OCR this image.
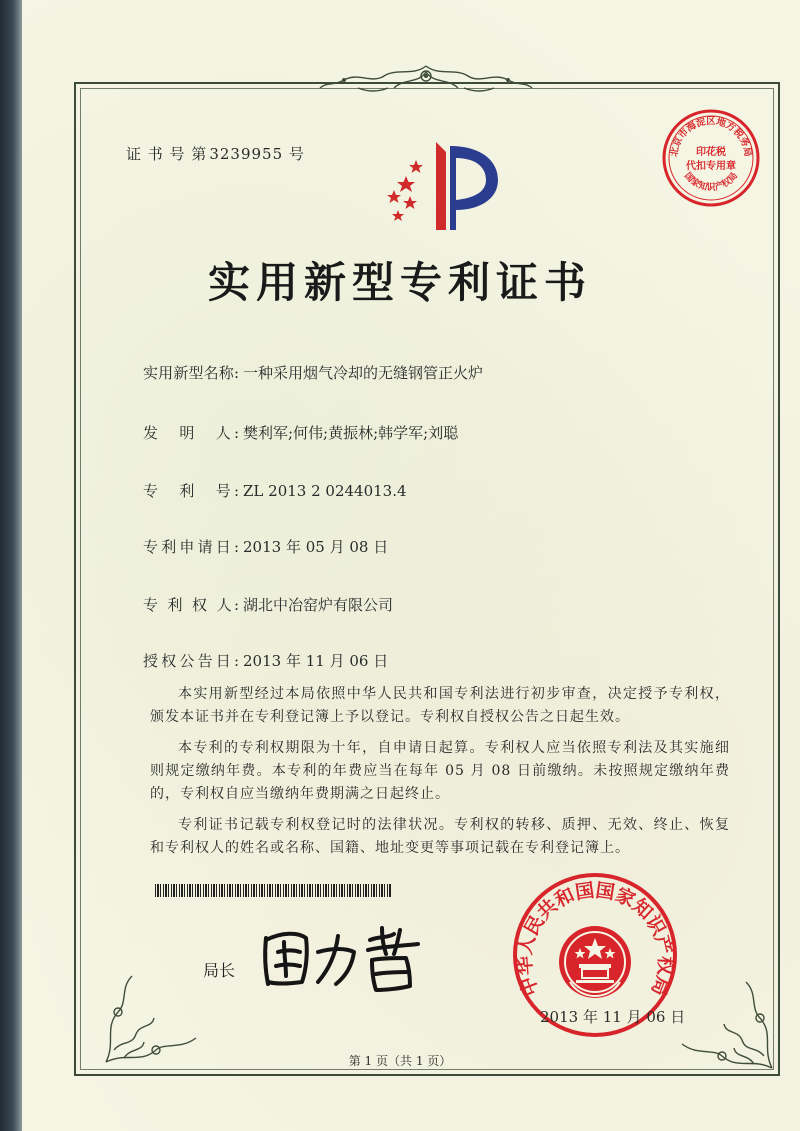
证 书 号 第 3239955 号
实用新型专利证书
实用新型名称: 一种采用烟气冷却的无缝钢管正火炉
发　明　人: 樊利军;何伟;黄振林;韩学军;刘聪
专　利　号: ZL 2013 2 0244013.4
专利申请日: 2013 年 05 月 08 日
专 利 权 人: 湖北中冶窑炉有限公司
授权公告日: 2013 年 11 月 06 日

本实用新型经过本局依照中华人民共和国专利法进行初步审查，决定授予专利权，颁发本证书并在专利登记簿上予以登记。专利权自授权公告之日起生效。

本专利的专利权期限为十年，自申请日起算。专利权人应当依照专利法及其实施细则规定缴纳年费。本专利的年费应当在每年 05 月 08 日前缴纳。未按照规定缴纳年费的，专利权自应当缴纳年费期满之日起终止。

专利证书记载专利权登记时的法律状况。专利权的转移、质押、无效、终止、恢复和专利权人的姓名或名称、国籍、地址变更等事项记载在专利登记簿上。

局长
北京市海淀区地方税务局
国家知识产权局
印花税
代扣专用章
中华人民共和国国家知识产权局
2013 年 11 月 06 日
第 1 页（共 1 页）
